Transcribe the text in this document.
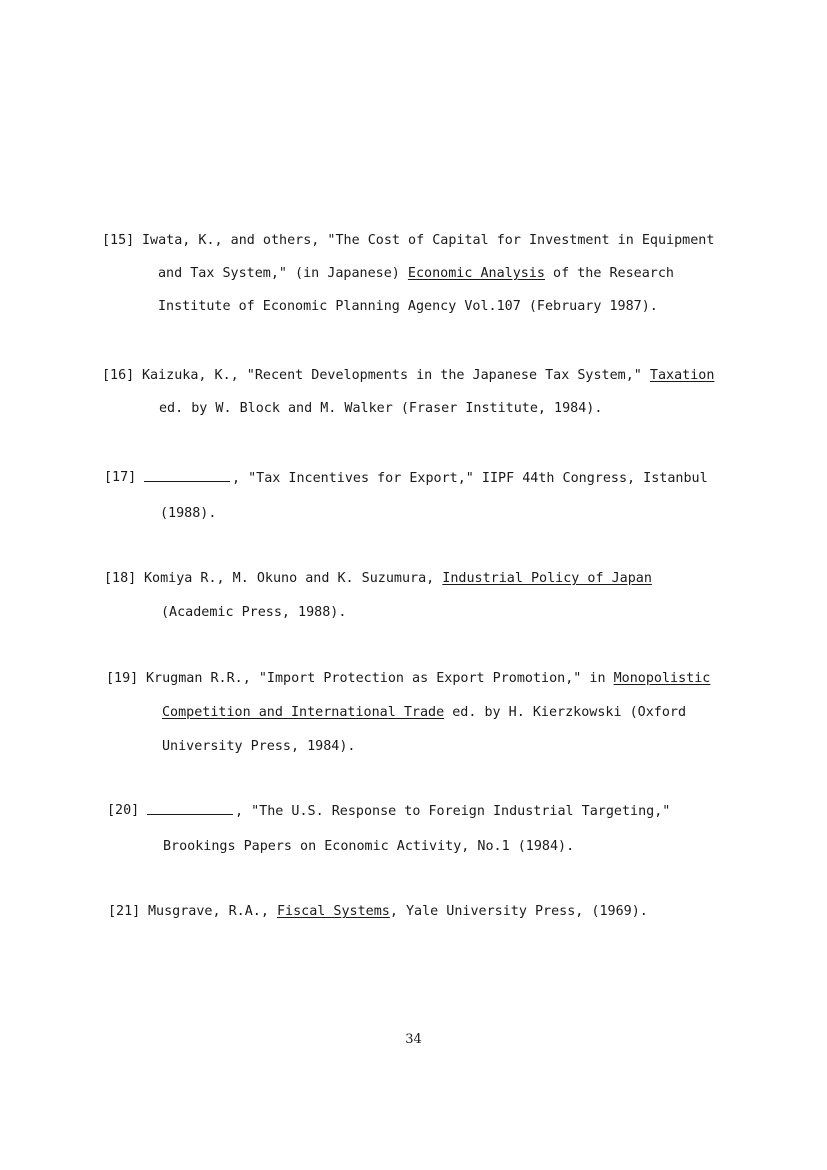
[15] Iwata, K., and others, "The Cost of Capital for Investment in Equipment
and Tax System," (in Japanese) Economic Analysis of the Research
Institute of Economic Planning Agency Vol.107 (February 1987).
[16] Kaizuka, K., "Recent Developments in the Japanese Tax System," Taxation
ed. by W. Block and M. Walker (Fraser Institute, 1984).
[17]	, "Tax Incentives for Export," IIPF 44th Congress, Istanbul
(1988).
[18] Komiya R., M. Okuno and K. Suzumura, Industrial Policy of Japan
(Academic Press, 1988).
[19] Krugman R.R., "Import Protection as Export Promotion," in Monopolistic
Competition and International Trade ed. by H. Kierzkowski (Oxford
University Press, 1984).
[20]	, "The U.S. Response to Foreign Industrial Targeting,"
Brookings Papers on Economic Activity, No.1 (1984).
[21] Musgrave, R.A., Fiscal Systems, Yale University Press, (1969).
34
